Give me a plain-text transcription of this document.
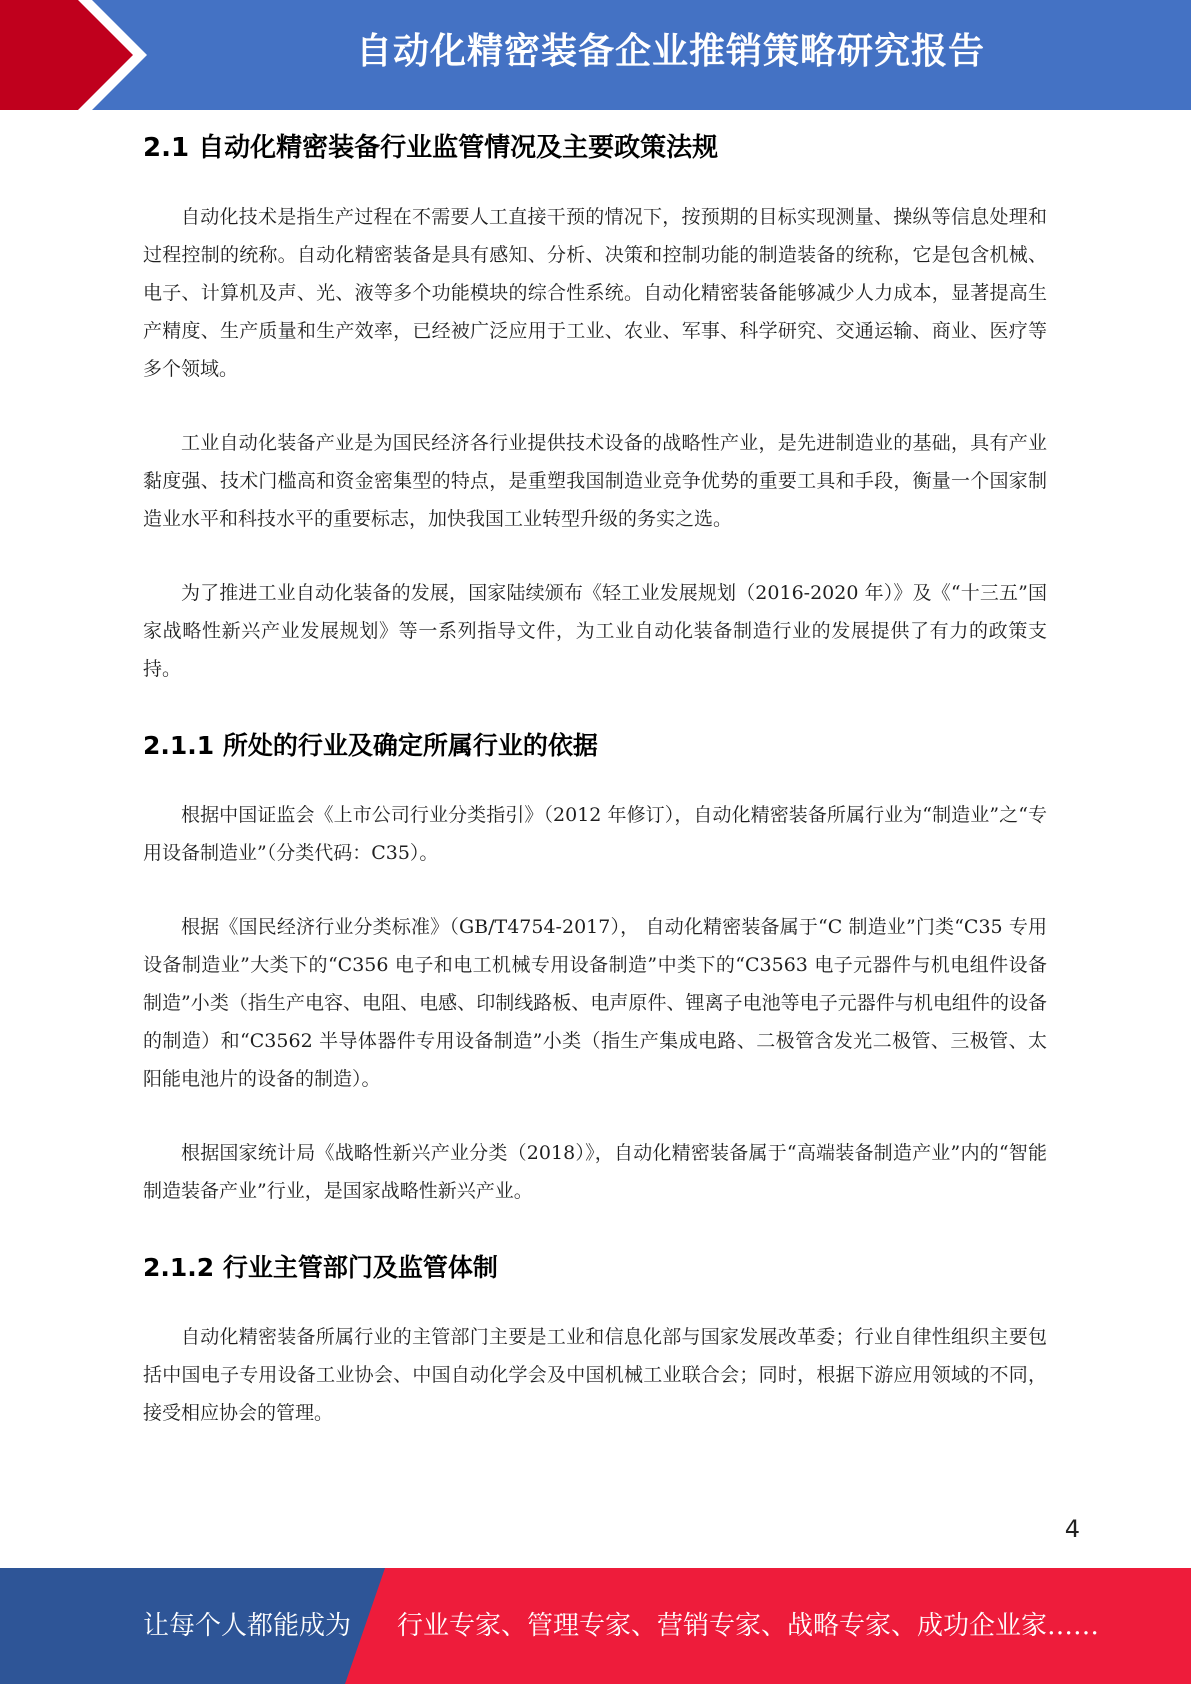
自动化精密装备企业推销策略研究报告
2.1 自动化精密装备行业监管情况及主要政策法规

自动化技术是指生产过程在不需要人工直接干预的情况下，按预期的目标实现测量、操纵等信息处理和过程控制的统称。自动化精密装备是具有感知、分析、决策和控制功能的制造装备的统称，它是包含机械、电子、计算机及声、光、液等多个功能模块的综合性系统。自动化精密装备能够减少人力成本，显著提高生产精度、生产质量和生产效率，已经被广泛应用于工业、农业、军事、科学研究、交通运输、商业、医疗等多个领域。

工业自动化装备产业是为国民经济各行业提供技术设备的战略性产业，是先进制造业的基础，具有产业黏度强、技术门槛高和资金密集型的特点，是重塑我国制造业竞争优势的重要工具和手段，衡量一个国家制造业水平和科技水平的重要标志，加快我国工业转型升级的务实之选。

为了推进工业自动化装备的发展，国家陆续颁布《轻工业发展规划（2016-2020 年）》及《“十三五”国家战略性新兴产业发展规划》等一系列指导文件，为工业自动化装备制造行业的发展提供了有力的政策支持。

2.1.1 所处的行业及确定所属行业的依据

根据中国证监会《上市公司行业分类指引》（2012 年修订），自动化精密装备所属行业为“制造业”之“专用设备制造业”（分类代码：C35）。

根据《国民经济行业分类标准》（GB/T4754-2017）， 自动化精密装备属于“C 制造业”门类“C35 专用设备制造业”大类下的“C356 电子和电工机械专用设备制造”中类下的“C3563 电子元器件与机电组件设备制造”小类（指生产电容、电阻、电感、印制线路板、电声原件、锂离子电池等电子元器件与机电组件的设备的制造）和“C3562 半导体器件专用设备制造”小类（指生产集成电路、二极管含发光二极管、三极管、太阳能电池片的设备的制造）。

根据国家统计局《战略性新兴产业分类（2018）》，自动化精密装备属于“高端装备制造产业”内的“智能制造装备产业”行业，是国家战略性新兴产业。

2.1.2 行业主管部门及监管体制

自动化精密装备所属行业的主管部门主要是工业和信息化部与国家发展改革委；行业自律性组织主要包括中国电子专用设备工业协会、中国自动化学会及中国机械工业联合会；同时，根据下游应用领域的不同，接受相应协会的管理。

4
让每个人都能成为 行业专家、管理专家、营销专家、战略专家、成功企业家……
